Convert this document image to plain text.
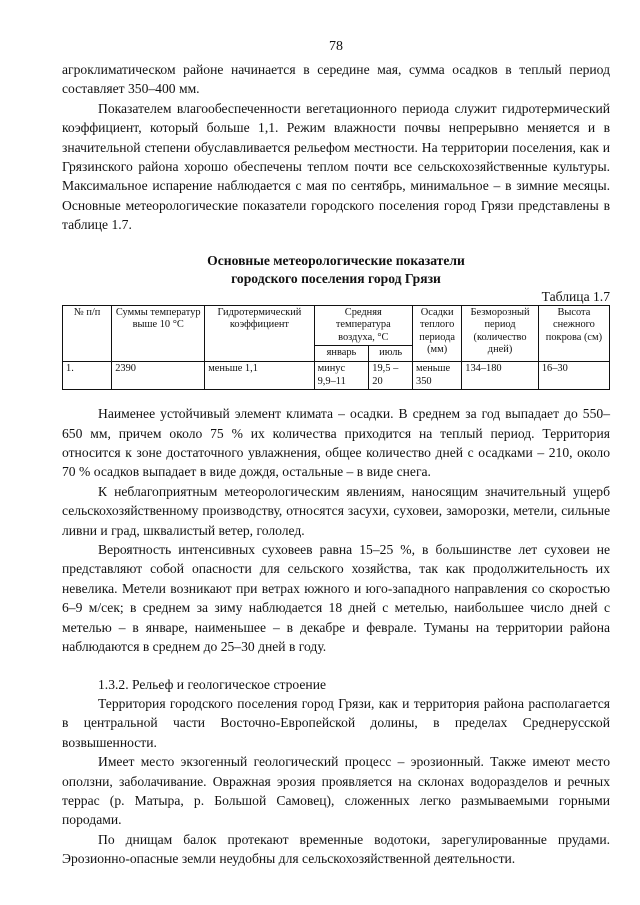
78

агроклиматическом районе начинается в середине мая, сумма осадков в теплый период составляет 350–400 мм.

Показателем влагообеспеченности вегетационного периода служит гидротермический коэффициент, который больше 1,1. Режим влажности почвы непрерывно меняется и в значительной степени обуславливается рельефом местности. На территории поселения, как и Грязинского района хорошо обеспечены теплом почти все сельскохозяйственные культуры. Максимальное испарение наблюдается с мая по сентябрь, минимальное – в зимние месяцы. Основные метеорологические показатели городского поселения город Грязи представлены в таблице 1.7.

Основные метеорологические показатели
городского поселения город Грязи
Таблица 1.7
№ п/п	Суммы температур выше 10 °С	Гидротермический коэффициент	Средняя температура воздуха, °С		Осадки теплого периода (мм)	Безморозный период (количество дней)	Высота снежного покрова (см)
			январь	июль			
1.	2390	меньше 1,1	минус 9,9–11	19,5 – 20	меньше 350	134–180	16–30

Наименее устойчивый элемент климата – осадки. В среднем за год выпадает до 550–650 мм, причем около 75 % их количества приходится на теплый период. Территория относится к зоне достаточного увлажнения, общее количество дней с осадками – 210, около 70 % осадков выпадает в виде дождя, остальные – в виде снега.

К неблагоприятным метеорологическим явлениям, наносящим значительный ущерб сельскохозяйственному производству, относятся засухи, суховеи, заморозки, метели, сильные ливни и град, шквалистый ветер, гололед.

Вероятность интенсивных суховеев равна 15–25 %, в большинстве лет суховеи не представляют собой опасности для сельского хозяйства, так как продолжительность их невелика. Метели возникают при ветрах южного и юго-западного направления со скоростью 6–9 м/сек; в среднем за зиму наблюдается 18 дней с метелью, наибольшее число дней с метелью – в январе, наименьшее – в декабре и феврале. Туманы на территории района наблюдаются в среднем до 25–30 дней в году.

1.3.2. Рельеф и геологическое строение

Территория городского поселения город Грязи, как и территория района располагается в центральной части Восточно-Европейской долины, в пределах Среднерусской возвышенности.

Имеет место экзогенный геологический процесс – эрозионный. Также имеют место оползни, заболачивание. Овражная эрозия проявляется на склонах водоразделов и речных террас (р. Матыра, р. Большой Самовец), сложенных легко размываемыми горными породами.

По днищам балок протекают временные водотоки, зарегулированные прудами. Эрозионно-опасные земли неудобны для сельскохозяйственной деятельности.
